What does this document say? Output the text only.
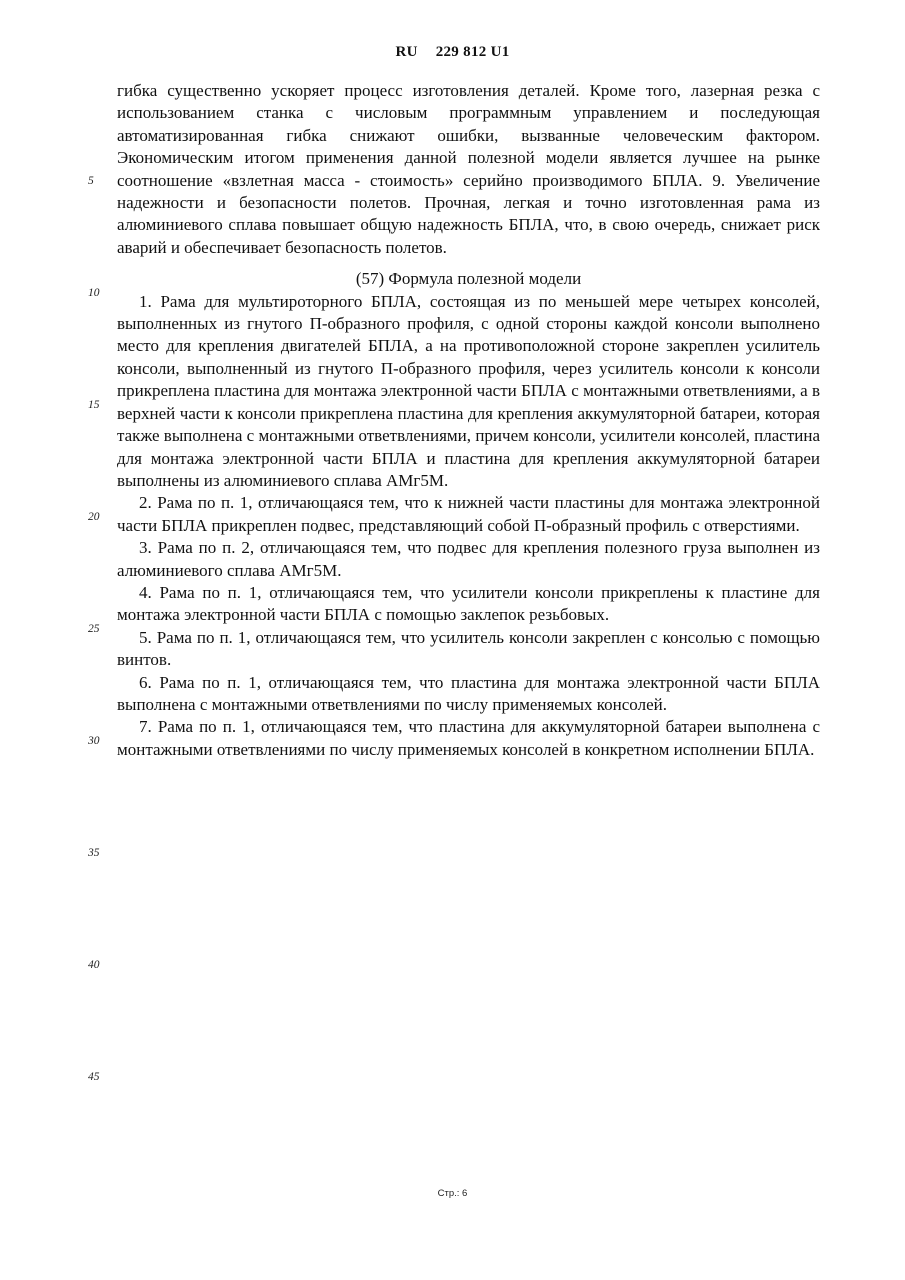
RU 229 812 U1
5
10
15
20
25
30
35
40
45

гибка существенно ускоряет процесс изготовления деталей. Кроме того, лазерная резка с использованием станка с числовым программным управлением и последующая автоматизированная гибка снижают ошибки, вызванные человеческим фактором. Экономическим итогом применения данной полезной модели является лучшее на рынке соотношение «взлетная масса - стоимость» серийно производимого БПЛА. 9. Увеличение надежности и безопасности полетов. Прочная, легкая и точно изготовленная рама из алюминиевого сплава повышает общую надежность БПЛА, что, в свою очередь, снижает риск аварий и обеспечивает безопасность полетов.

(57) Формула полезной модели

1. Рама для мультироторного БПЛА, состоящая из по меньшей мере четырех консолей, выполненных из гнутого П-образного профиля, с одной стороны каждой консоли выполнено место для крепления двигателей БПЛА, а на противоположной стороне закреплен усилитель консоли, выполненный из гнутого П-образного профиля, через усилитель консоли к консоли прикреплена пластина для монтажа электронной части БПЛА с монтажными ответвлениями, а в верхней части к консоли прикреплена пластина для крепления аккумуляторной батареи, которая также выполнена с монтажными ответвлениями, причем консоли, усилители консолей, пластина для монтажа электронной части БПЛА и пластина для крепления аккумуляторной батареи выполнены из алюминиевого сплава АМг5М.

2. Рама по п. 1, отличающаяся тем, что к нижней части пластины для монтажа электронной части БПЛА прикреплен подвес, представляющий собой П-образный профиль с отверстиями.

3. Рама по п. 2, отличающаяся тем, что подвес для крепления полезного груза выполнен из алюминиевого сплава АМг5М.

4. Рама по п. 1, отличающаяся тем, что усилители консоли прикреплены к пластине для монтажа электронной части БПЛА с помощью заклепок резьбовых.

5. Рама по п. 1, отличающаяся тем, что усилитель консоли закреплен с консолью с помощью винтов.

6. Рама по п. 1, отличающаяся тем, что пластина для монтажа электронной части БПЛА выполнена с монтажными ответвлениями по числу применяемых консолей.

7. Рама по п. 1, отличающаяся тем, что пластина для аккумуляторной батареи выполнена с монтажными ответвлениями по числу применяемых консолей в конкретном исполнении БПЛА.

Стр.: 6
